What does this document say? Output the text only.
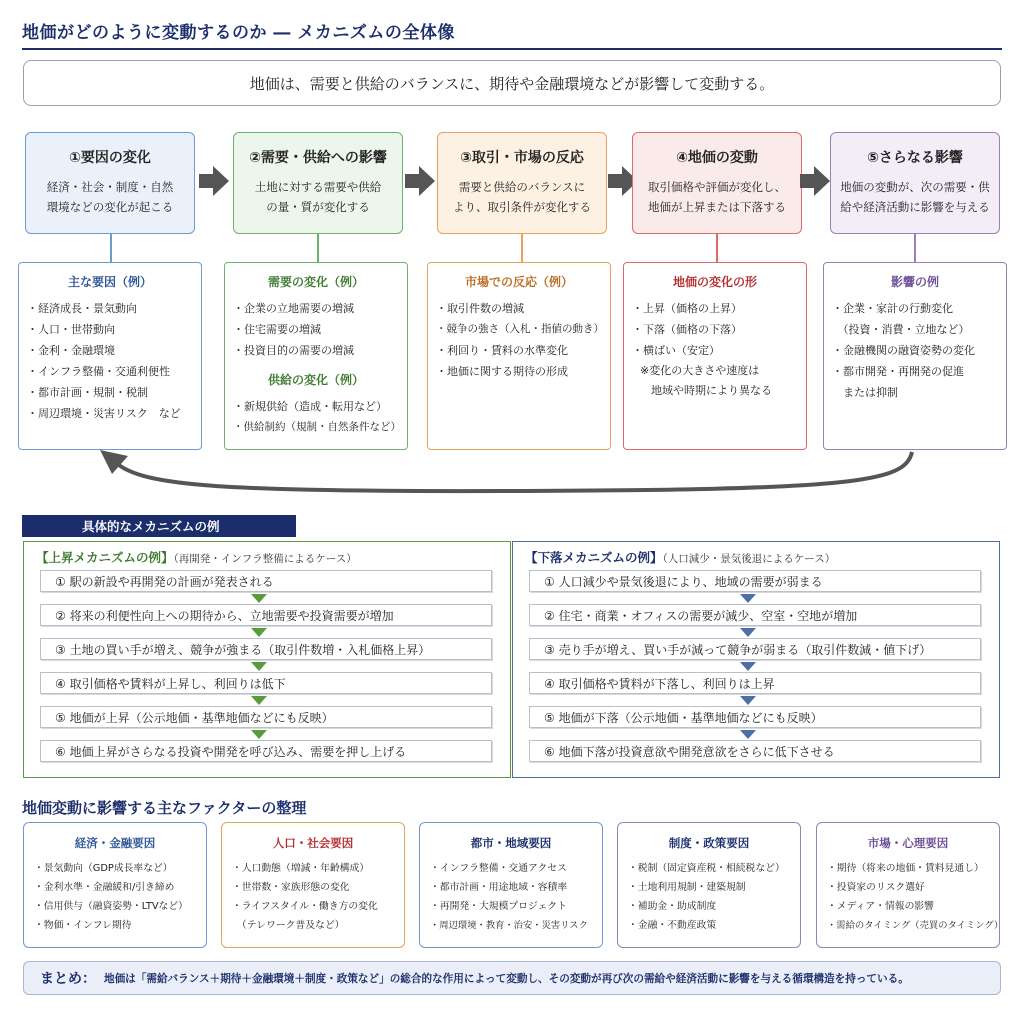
地価がどのように変動するのか ― メカニズムの全体像
地価は、需要と供給のバランスに、期待や金融環境などが影響して変動する。
①要因の変化
経済・社会・制度・自然
環境などの変化が起こる
②需要・供給への影響
土地に対する需要や供給
の量・質が変化する
③取引・市場の反応
需要と供給のバランスに
より、取引条件が変化する
④地価の変動
取引価格や評価が変化し、
地価が上昇または下落する
⑤さらなる影響
地価の変動が、次の需要・供
給や経済活動に影響を与える
主な要因（例）
・経済成長・景気動向
・人口・世帯動向
・金利・金融環境
・インフラ整備・交通利便性
・都市計画・規制・税制
・周辺環境・災害リスク　など
需要の変化（例）
・企業の立地需要の増減
・住宅需要の増減
・投資目的の需要の増減
供給の変化（例）
・新規供給（造成・転用など）
・供給制約（規制・自然条件など）
市場での反応（例）
・取引件数の増減
・競争の強さ（入札・指値の動き）
・利回り・賃料の水準変化
・地価に関する期待の形成
地価の変化の形
・上昇（価格の上昇）
・下落（価格の下落）
・横ばい（安定）
※変化の大きさや速度は
　地域や時期により異なる
影響の例
・企業・家計の行動変化
　（投資・消費・立地など）
・金融機関の融資姿勢の変化
・都市開発・再開発の促進
　または抑制
具体的なメカニズムの例
【上昇メカニズムの例】（再開発・インフラ整備によるケース）
① 駅の新設や再開発の計画が発表される
② 将来の利便性向上への期待から、立地需要や投資需要が増加
③ 土地の買い手が増え、競争が強まる（取引件数増・入札価格上昇）
④ 取引価格や賃料が上昇し、利回りは低下
⑤ 地価が上昇（公示地価・基準地価などにも反映）
⑥ 地価上昇がさらなる投資や開発を呼び込み、需要を押し上げる
【下落メカニズムの例】（人口減少・景気後退によるケース）
① 人口減少や景気後退により、地域の需要が弱まる
② 住宅・商業・オフィスの需要が減少、空室・空地が増加
③ 売り手が増え、買い手が減って競争が弱まる（取引件数減・値下げ）
④ 取引価格や賃料が下落し、利回りは上昇
⑤ 地価が下落（公示地価・基準地価などにも反映）
⑥ 地価下落が投資意欲や開発意欲をさらに低下させる
地価変動に影響する主なファクターの整理
経済・金融要因
・景気動向（GDP成長率など）
・金利水準・金融緩和/引き締め
・信用供与（融資姿勢・LTVなど）
・物価・インフレ期待
人口・社会要因
・人口動態（増減・年齢構成）
・世帯数・家族形態の変化
・ライフスタイル・働き方の変化
　（テレワーク普及など）
都市・地域要因
・インフラ整備・交通アクセス
・都市計画・用途地域・容積率
・再開発・大規模プロジェクト
・周辺環境・教育・治安・災害リスク
制度・政策要因
・税制（固定資産税・相続税など）
・土地利用規制・建築規制
・補助金・助成制度
・金融・不動産政策
市場・心理要因
・期待（将来の地価・賃料見通し）
・投資家のリスク選好
・メディア・情報の影響
・需給のタイミング（売買のタイミング）
まとめ： 地価は「需給バランス＋期待＋金融環境＋制度・政策など」の総合的な作用によって変動し、その変動が再び次の需給や経済活動に影響を与える循環構造を持っている。
